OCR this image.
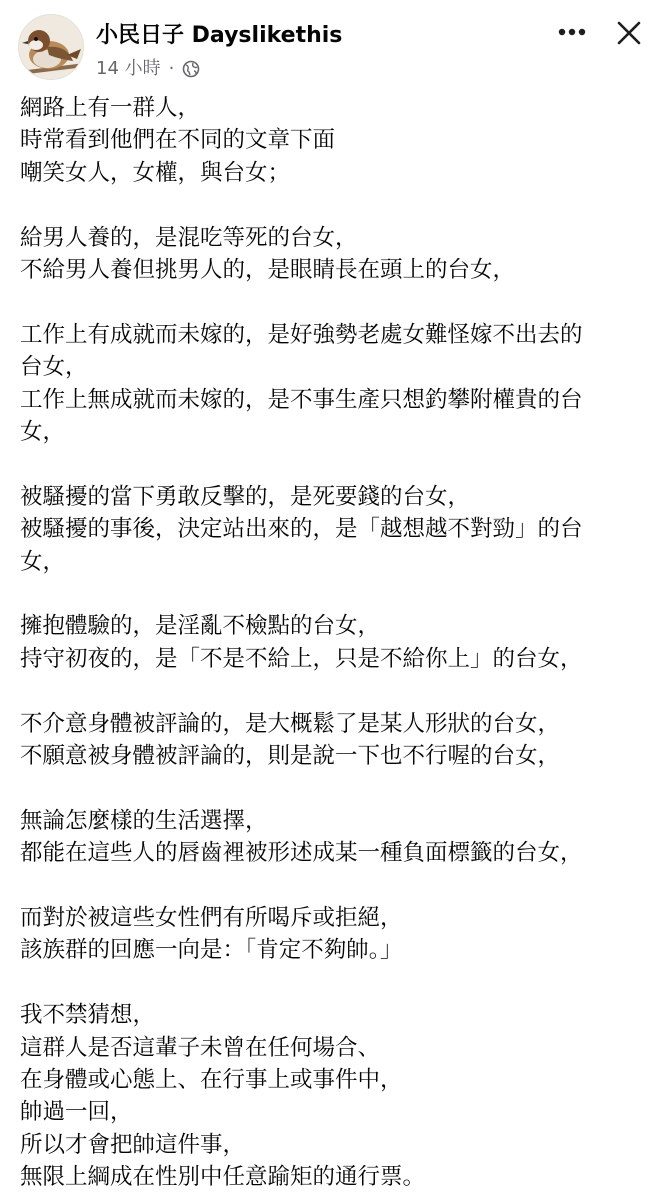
小民日子 Dayslikethis
14 小時 ·
網路上有一群人，
時常看到他們在不同的文章下面
嘲笑女人，女權，與台女；
給男人養的，是混吃等死的台女，
不給男人養但挑男人的，是眼睛長在頭上的台女，
工作上有成就而未嫁的，是好強勢老處女難怪嫁不出去的
台女，
工作上無成就而未嫁的，是不事生產只想釣攀附權貴的台
女，
被騷擾的當下勇敢反擊的，是死要錢的台女，
被騷擾的事後，決定站出來的，是「越想越不對勁」的台
女，
擁抱體驗的，是淫亂不檢點的台女，
持守初夜的，是「不是不給上，只是不給你上」的台女，
不介意身體被評論的，是大概鬆了是某人形狀的台女，
不願意被身體被評論的，則是說一下也不行喔的台女，
無論怎麼樣的生活選擇，
都能在這些人的唇齒裡被形述成某一種負面標籤的台女，
而對於被這些女性們有所喝斥或拒絕，
該族群的回應一向是：「肯定不夠帥。」
我不禁猜想，
這群人是否這輩子未曾在任何場合、
在身體或心態上、在行事上或事件中，
帥過一回，
所以才會把帥這件事，
無限上綱成在性別中任意踰矩的通行票。
